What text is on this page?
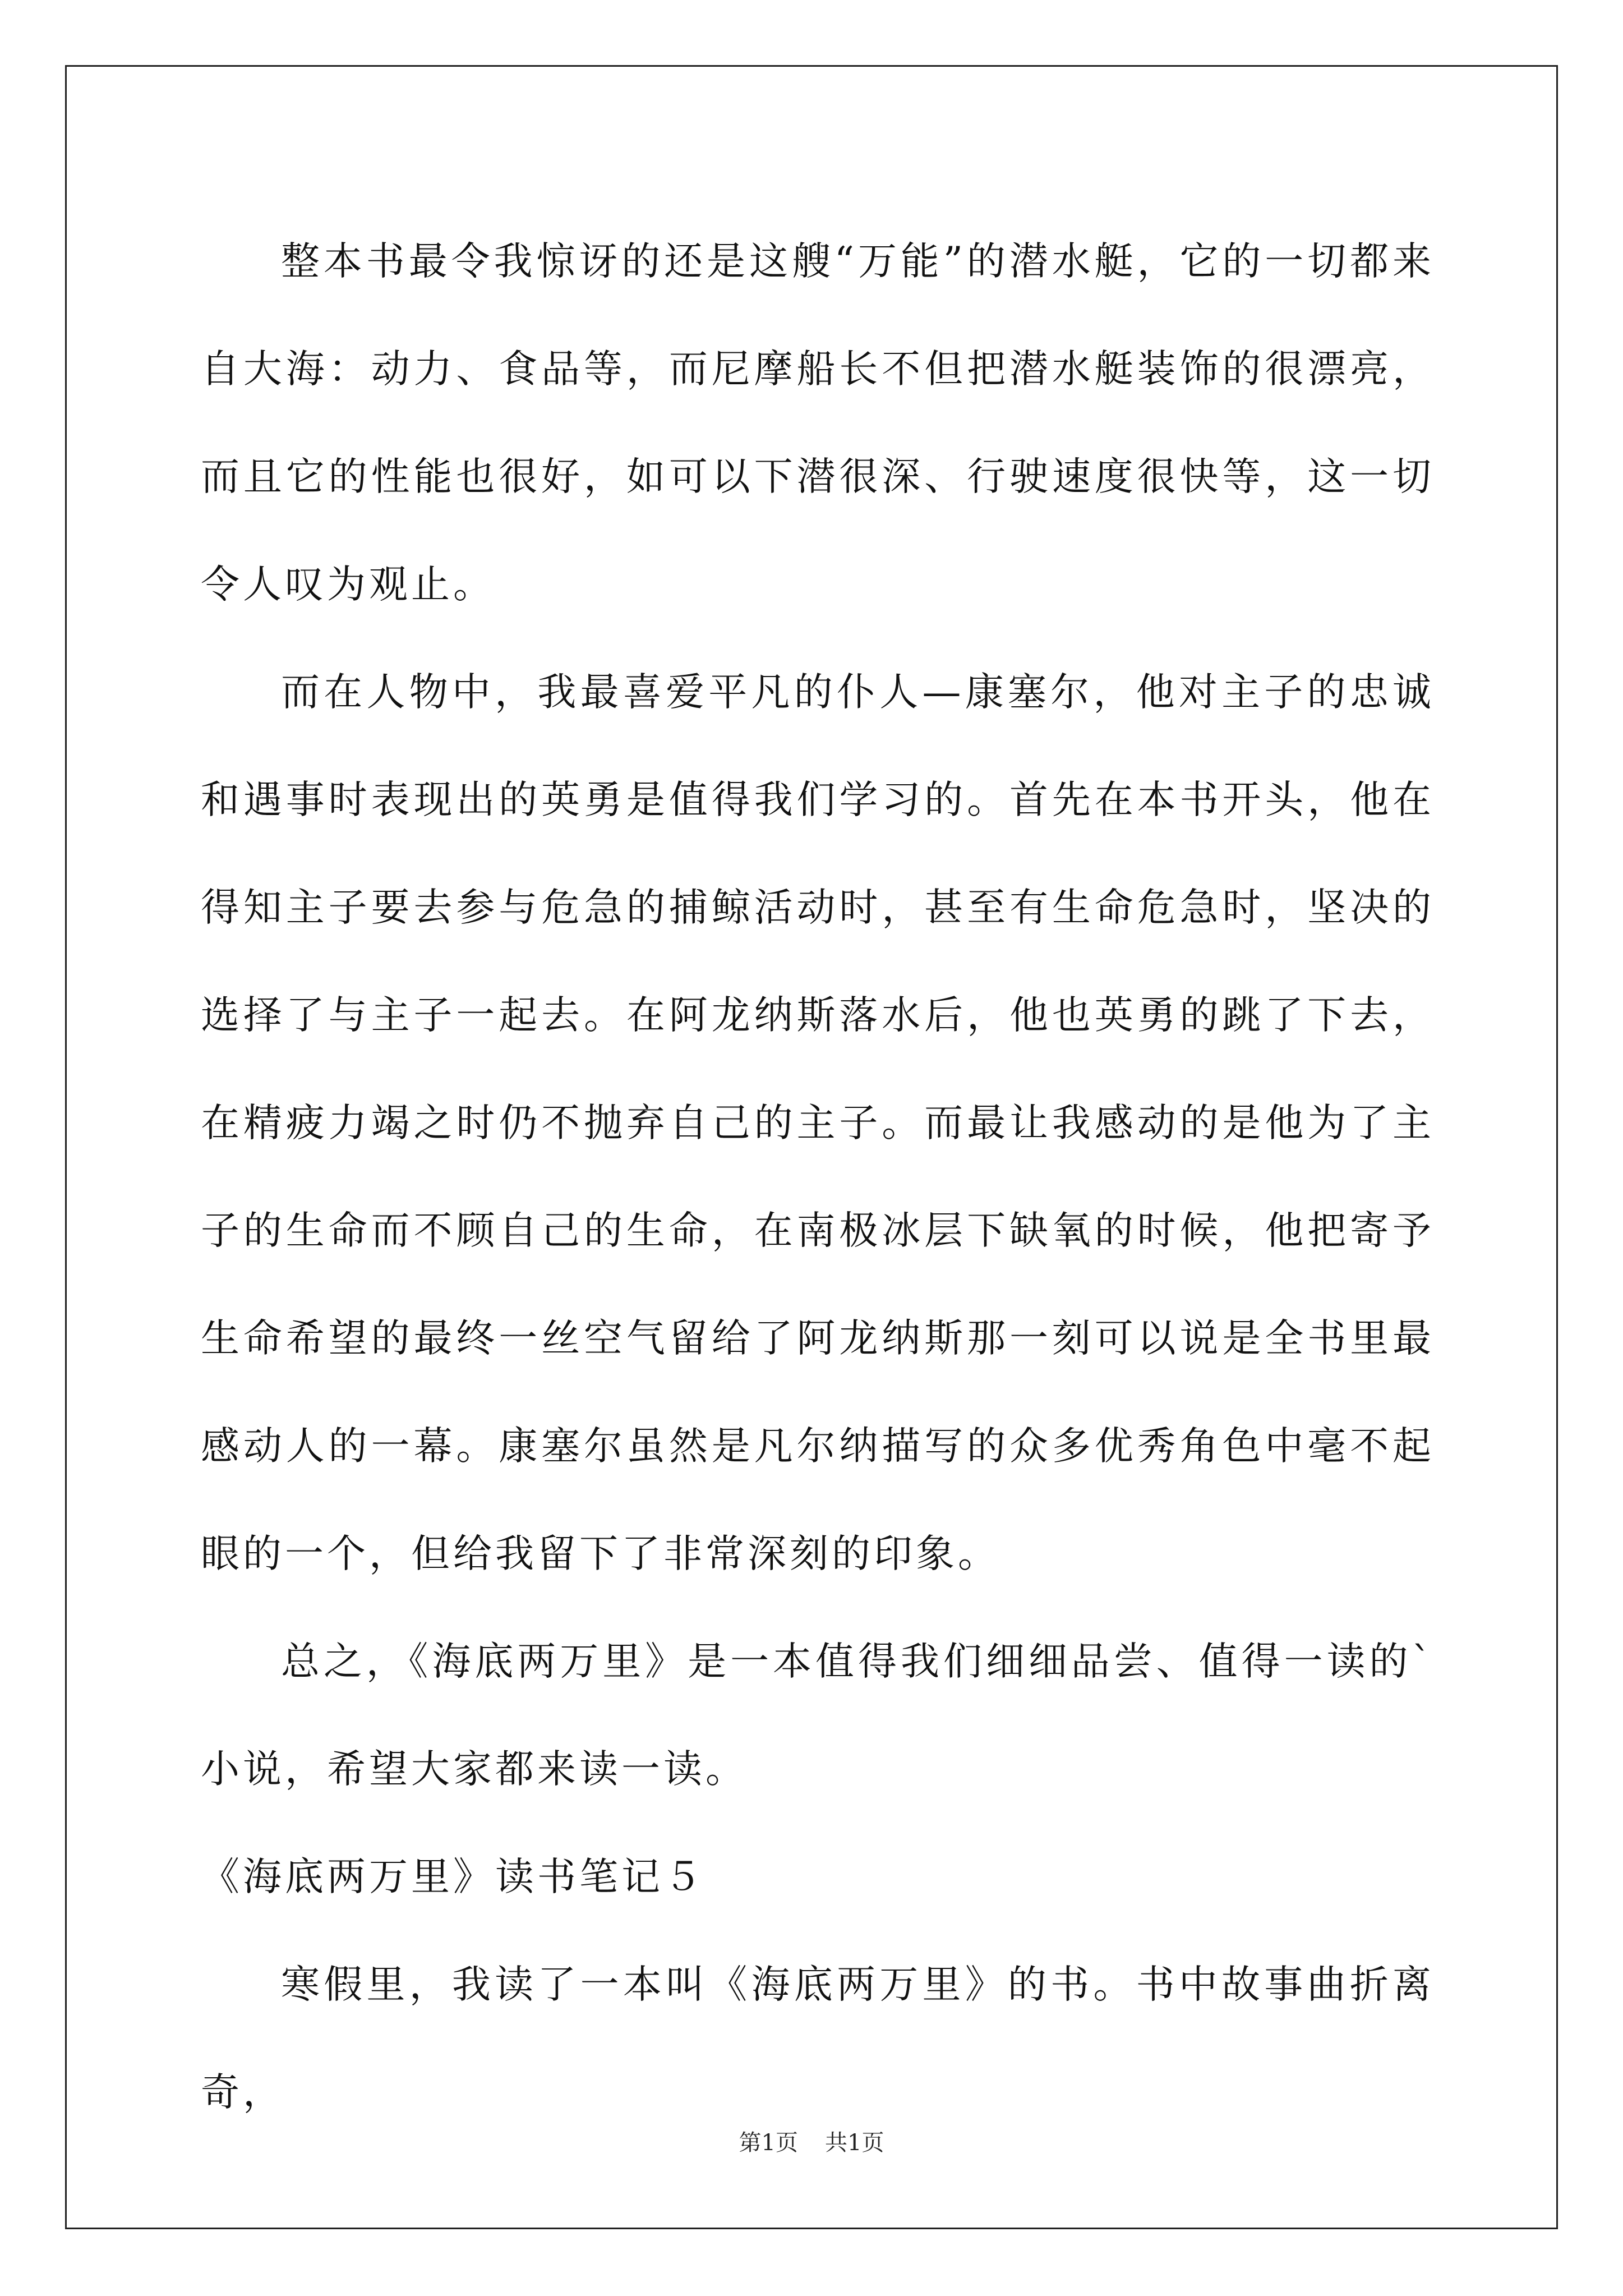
整本书最令我惊讶的还是这艘“万能”的潜水艇，它的一切都来自大海：动力、食品等，而尼摩船长不但把潜水艇装饰的很漂亮，而且它的性能也很好，如可以下潜很深、行驶速度很快等，这一切令人叹为观止。

而在人物中，我最喜爱平凡的仆人—康塞尔，他对主子的忠诚和遇事时表现出的英勇是值得我们学习的。首先在本书开头，他在得知主子要去参与危急的捕鲸活动时，甚至有生命危急时，坚决的选择了与主子一起去。在阿龙纳斯落水后，他也英勇的跳了下去，在精疲力竭之时仍不抛弃自己的主子。而最让我感动的是他为了主子的生命而不顾自己的生命，在南极冰层下缺氧的时候，他把寄予生命希望的最终一丝空气留给了阿龙纳斯那一刻可以说是全书里最感动人的一幕。康塞尔虽然是凡尔纳描写的众多优秀角色中毫不起眼的一个，但给我留下了非常深刻的印象。

总之，《海底两万里》是一本值得我们细细品尝、值得一读的`小说，希望大家都来读一读。

《海底两万里》读书笔记５

寒假里，我读了一本叫《海底两万里》的书。书中故事曲折离奇，

第1页 共1页
